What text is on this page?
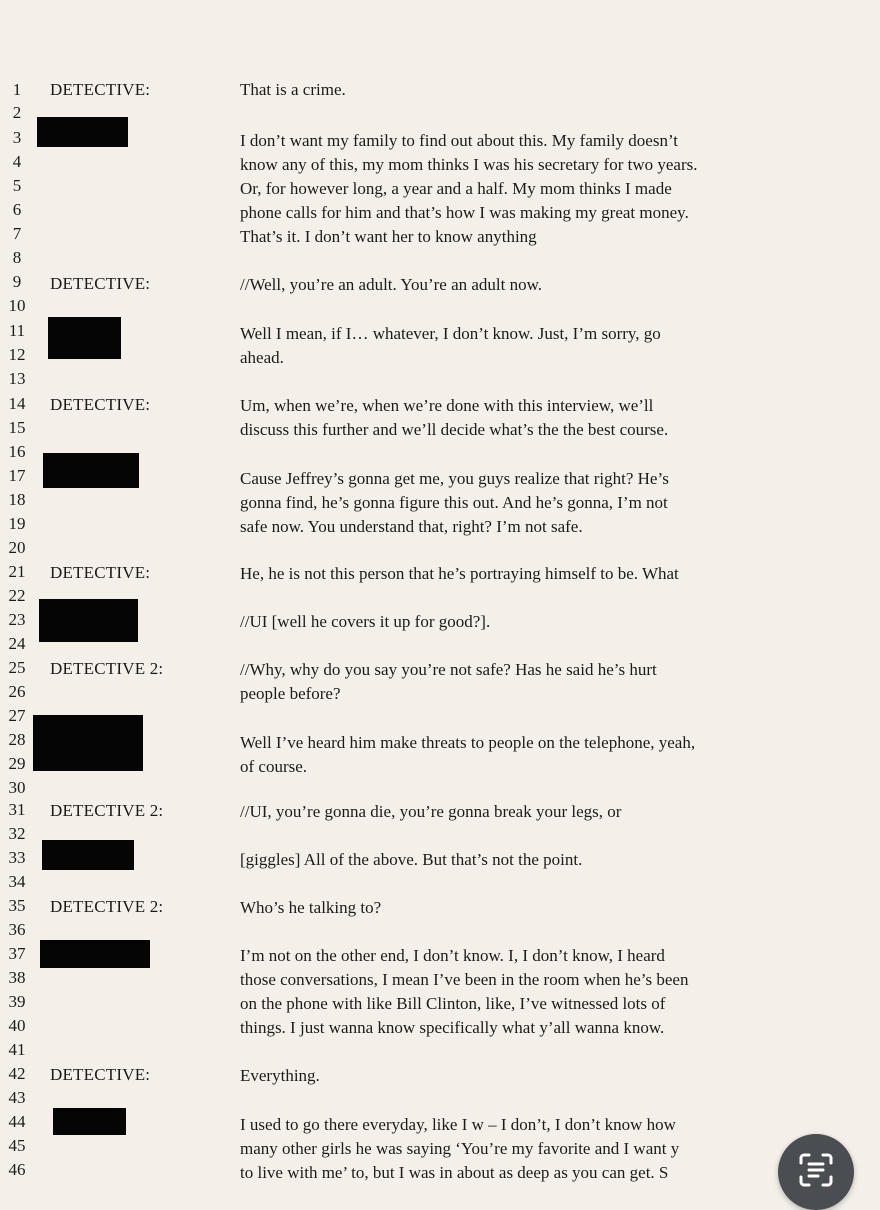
1
2
3
4
5
6
7
8
9
10
11
12
13
14
15
16
17
18
19
20
21
22
23
24
25
26
27
28
29
30
31
32
33
34
35
36
37
38
39
40
41
42
43
44
45
46
DETECTIVE:
DETECTIVE:
DETECTIVE:
DETECTIVE:
DETECTIVE 2:
DETECTIVE 2:
DETECTIVE 2:
DETECTIVE:
That is a crime.
I don’t want my family to find out about this. My family doesn’t
know any of this, my mom thinks I was his secretary for two years.
Or, for however long, a year and a half. My mom thinks I made
phone calls for him and that’s how I was making my great money.
That’s it. I don’t want her to know anything
//Well, you’re an adult. You’re an adult now.
Well I mean, if I… whatever, I don’t know. Just, I’m sorry, go
ahead.
Um, when we’re, when we’re done with this interview, we’ll
discuss this further and we’ll decide what’s the the best course.
Cause Jeffrey’s gonna get me, you guys realize that right? He’s
gonna find, he’s gonna figure this out. And he’s gonna, I’m not
safe now. You understand that, right? I’m not safe.
He, he is not this person that he’s portraying himself to be. What
//UI [well he covers it up for good?].
//Why, why do you say you’re not safe? Has he said he’s hurt
people before?
Well I’ve heard him make threats to people on the telephone, yeah,
of course.
//UI, you’re gonna die, you’re gonna break your legs, or
[giggles] All of the above. But that’s not the point.
Who’s he talking to?
I’m not on the other end, I don’t know. I, I don’t know, I heard
those conversations, I mean I’ve been in the room when he’s been
on the phone with like Bill Clinton, like, I’ve witnessed lots of
things. I just wanna know specifically what y’all wanna know.
Everything.
I used to go there everyday, like I w – I don’t, I don’t know how
many other girls he was saying ‘You’re my favorite and I want y
to live with me’ to, but I was in about as deep as you can get. S
